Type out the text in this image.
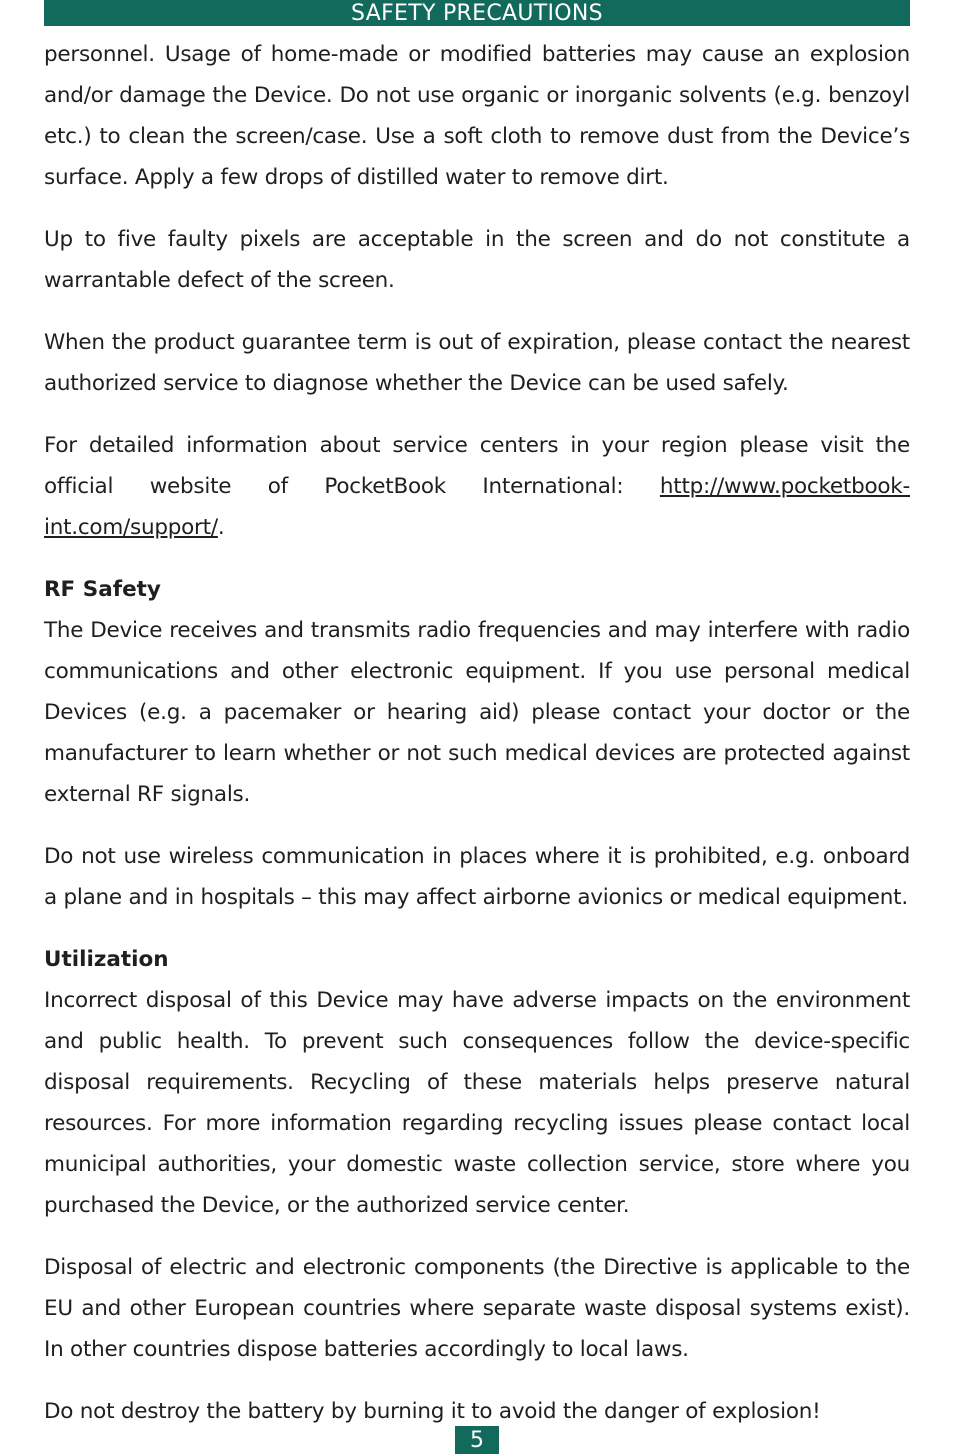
SAFETY PRECAUTIONS

personnel. Usage of home-made or modified batteries may cause an explosion and/or damage the Device. Do not use organic or inorganic solvents (e.g. benzoyl etc.) to clean the screen/case. Use a soft cloth to remove dust from the Device’s surface. Apply a few drops of distilled water to remove dirt.

Up to five faulty pixels are acceptable in the screen and do not constitute a warrantable defect of the screen.

When the product guarantee term is out of expiration, please contact the nearest authorized service to diagnose whether the Device can be used safely.

For detailed information about service centers in your region please visit the official website of PocketBook International: http://www.pocketbook-int.com/support/.

RF Safety

The Device receives and transmits radio frequencies and may interfere with radio communications and other electronic equipment. If you use personal medical Devices (e.g. a pacemaker or hearing aid) please contact your doctor or the manufacturer to learn whether or not such medical devices are protected against external RF signals.

Do not use wireless communication in places where it is prohibited, e.g. onboard a plane and in hospitals – this may affect airborne avionics or medical equipment.

Utilization

Incorrect disposal of this Device may have adverse impacts on the environment and public health. To prevent such consequences follow the device-specific disposal requirements. Recycling of these materials helps preserve natural resources. For more information regarding recycling issues please contact local municipal authorities, your domestic waste collection service, store where you purchased the Device, or the authorized service center.

Disposal of electric and electronic components (the Directive is applicable to the EU and other European countries where separate waste disposal systems exist). In other countries dispose batteries accordingly to local laws.

Do not destroy the battery by burning it to avoid the danger of explosion!

5
